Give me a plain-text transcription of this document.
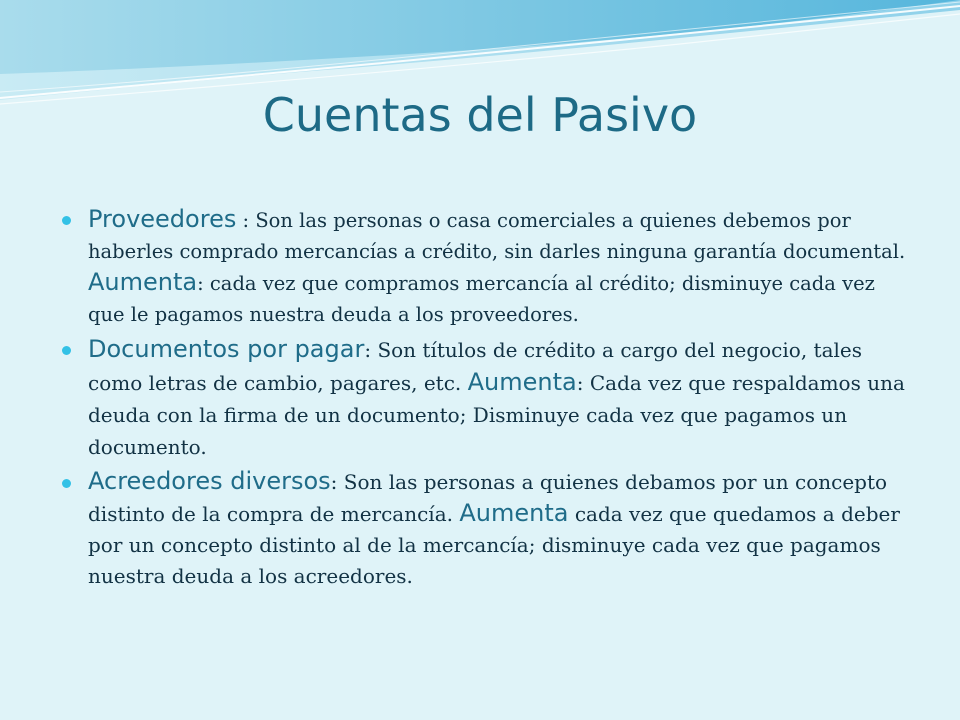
Cuentas del Pasivo
Proveedores : Son las personas o casa comerciales a quienes debemos por haberles comprado mercancías a crédito, sin darles ninguna garantía documental. Aumenta: cada vez que compramos mercancía al crédito; disminuye cada vez que le pagamos nuestra deuda a los proveedores.
Documentos por pagar: Son títulos de crédito a cargo del negocio, tales como letras de cambio, pagares, etc. Aumenta: Cada vez que respaldamos una deuda con la firma de un documento; Disminuye cada vez que pagamos un documento.
Acreedores diversos: Son las personas a quienes debamos por un concepto distinto de la compra de mercancía. Aumenta cada vez que quedamos a deber por un concepto distinto al de la mercancía; disminuye cada vez que pagamos nuestra deuda a los acreedores.
